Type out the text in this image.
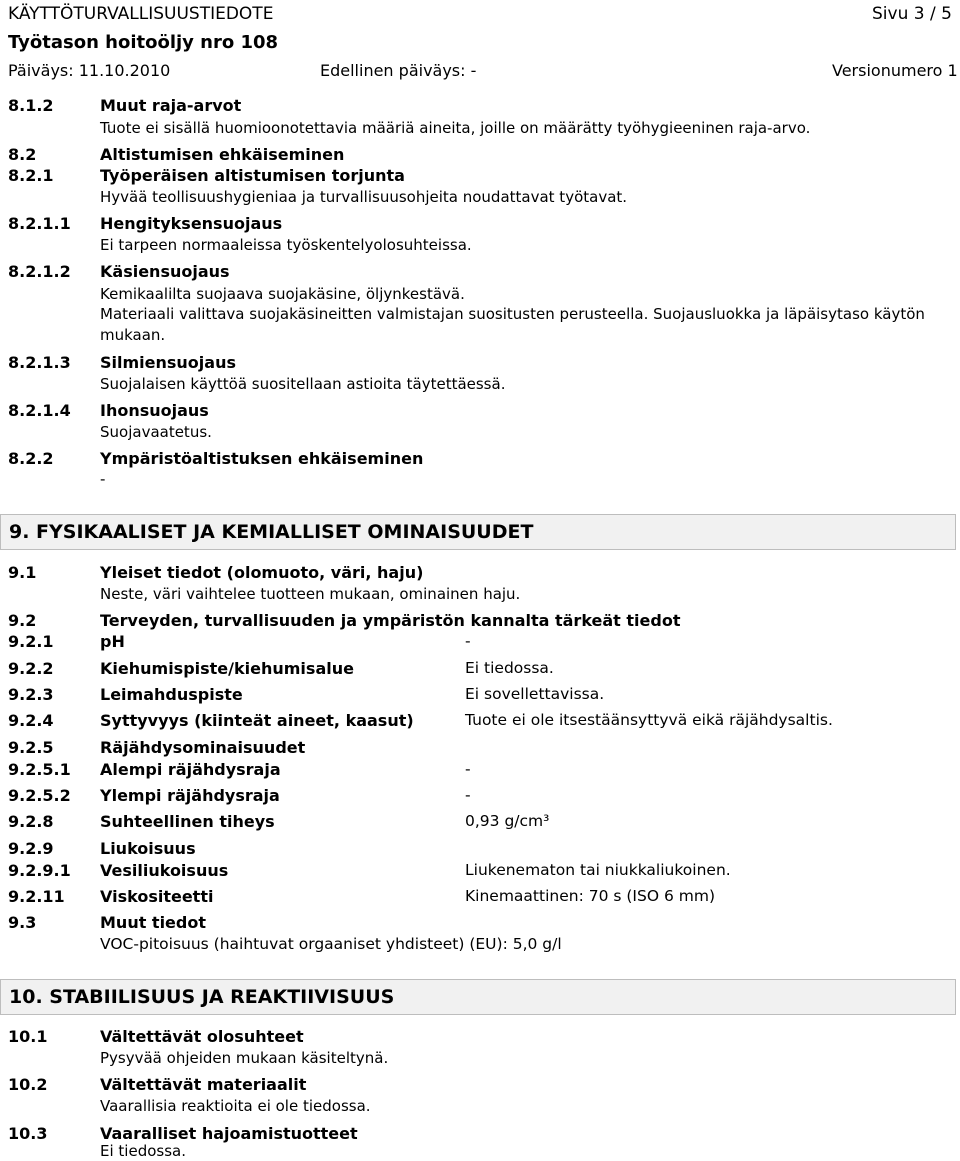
KÄYTTÖTURVALLISUUSTIEDOTE	Sivu 3 / 5
Työtason hoitoöljy nro 108
Päiväys: 11.10.2010	Edellinen päiväys: -	Versionumero 1
8.1.2	Muut raja-arvot
Tuote ei sisällä huomioonotettavia määriä aineita, joille on määrätty työhygieeninen raja-arvo.
8.2	Altistumisen ehkäiseminen
8.2.1	Työperäisen altistumisen torjunta
Hyvää teollisuushygieniaa ja turvallisuusohjeita noudattavat työtavat.
8.2.1.1 Hengityksensuojaus
Ei tarpeen normaaleissa työskentelyolosuhteissa.
8.2.1.2 Käsiensuojaus
Kemikaalilta suojaava suojakäsine, öljynkestävä.
Materiaali valittava suojakäsineitten valmistajan suositusten perusteella. Suojausluokka ja läpäisytaso käytön
mukaan.
8.2.1.3 Silmiensuojaus
Suojalaisen käyttöä suositellaan astioita täytettäessä.
8.2.1.4 Ihonsuojaus
Suojavaatetus.
8.2.2	Ympäristöaltistuksen ehkäiseminen
-
9. FYSIKAALISET JA KEMIALLISET OMINAISUUDET
9.1	Yleiset tiedot (olomuoto, väri, haju)
Neste, väri vaihtelee tuotteen mukaan, ominainen haju.
9.2	Terveyden, turvallisuuden ja ympäristön kannalta tärkeät tiedot
9.2.1	pH	-
9.2.2	Kiehumispiste/kiehumisalue	Ei tiedossa.
9.2.3	Leimahduspiste	Ei sovellettavissa.
9.2.4	Syttyvyys (kiinteät aineet, kaasut)	Tuote ei ole itsestäänsyttyvä eikä räjähdysaltis.
9.2.5	Räjähdysominaisuudet
9.2.5.1 Alempi räjähdysraja	-
9.2.5.2 Ylempi räjähdysraja	-
9.2.8	Suhteellinen tiheys	0,93 g/cm³
9.2.9	Liukoisuus
9.2.9.1 Vesiliukoisuus	Liukenematon tai niukkaliukoinen.
9.2.11 Viskositeetti	Kinemaattinen: 70 s (ISO 6 mm)
9.3	Muut tiedot
VOC-pitoisuus (haihtuvat orgaaniset yhdisteet) (EU): 5,0 g/l
10. STABIILISUUS JA REAKTIIVISUUS
10.1	Vältettävät olosuhteet
Pysyvää ohjeiden mukaan käsiteltynä.
10.2	Vältettävät materiaalit
Vaarallisia reaktioita ei ole tiedossa.
10.3	Vaaralliset hajoamistuotteet
Ei tiedossa.
